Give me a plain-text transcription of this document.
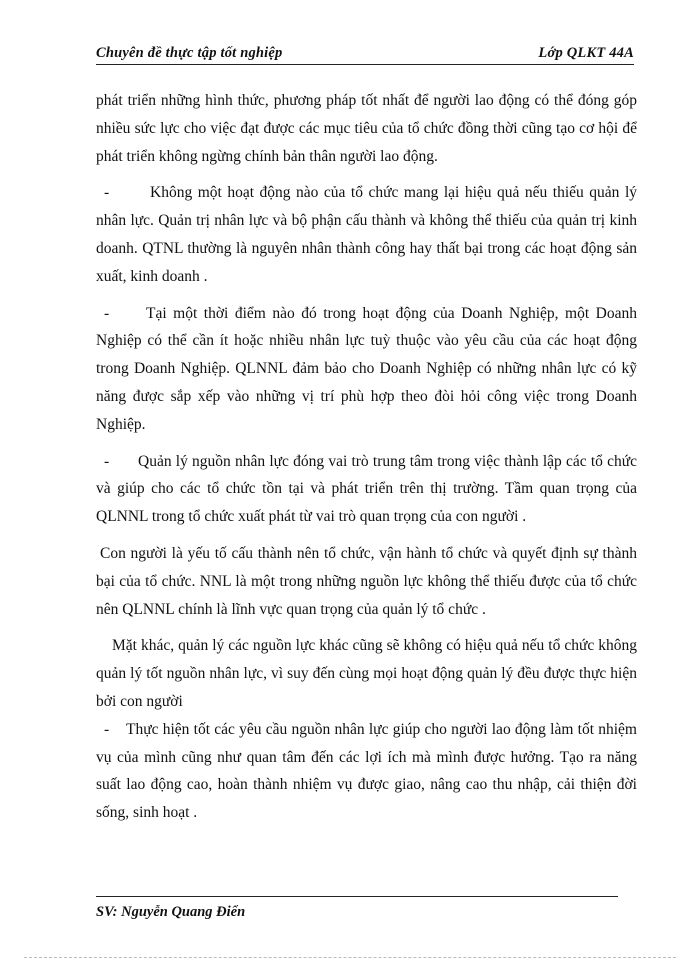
Chuyên đề thực tập tốt nghiệp	Lớp QLKT 44A

phát triển những hình thức, phương pháp tốt nhất để người lao động có thể đóng góp nhiều sức lực cho việc đạt được các mục tiêu của tổ chức đồng thời cũng tạo cơ hội để phát triển không ngừng chính bản thân người lao động.

-	Không một hoạt động nào của tổ chức mang lại hiệu quả nếu thiếu quản lý nhân lực. Quản trị nhân lực và bộ phận cấu thành và không thể thiếu của quản trị kinh doanh. QTNL thường là nguyên nhân thành công hay thất bại trong các hoạt động sản xuất, kinh doanh .

- Tại một thời điểm nào đó trong hoạt động của Doanh Nghiệp, một Doanh Nghiệp có thể cần ít hoặc nhiều nhân lực tuỳ thuộc vào yêu cầu của các hoạt động trong Doanh Nghiệp. QLNNL đảm bảo cho Doanh Nghiệp có những nhân lực có kỹ năng được sắp xếp vào những vị trí phù hợp theo đòi hỏi công việc trong Doanh Nghiệp.

- Quản lý nguồn nhân lực đóng vai trò trung tâm trong việc thành lập các tổ chức và giúp cho các tổ chức tồn tại và phát triển trên thị trường. Tầm quan trọng của QLNNL trong tổ chức xuất phát từ vai trò quan trọng của con người .

Con người là yếu tố cấu thành nên tổ chức, vận hành tổ chức và quyết định sự thành bại của tổ chức. NNL là một trong những nguồn lực không thể thiếu được của tổ chức nên QLNNL chính là lĩnh vực quan trọng của quản lý tổ chức .

Mặt khác, quản lý các nguồn lực khác cũng sẽ không có hiệu quả nếu tổ chức không quản lý tốt nguồn nhân lực, vì suy đến cùng mọi hoạt động quản lý đều được thực hiện bởi con người

- Thực hiện tốt các yêu cầu nguồn nhân lực giúp cho người lao động làm tốt nhiệm vụ của mình cũng như quan tâm đến các lợi ích mà mình được hưởng. Tạo ra năng suất lao động cao, hoàn thành nhiệm vụ được giao, nâng cao thu nhập, cải thiện đời sống, sinh hoạt .

SV: Nguyễn Quang Điển
